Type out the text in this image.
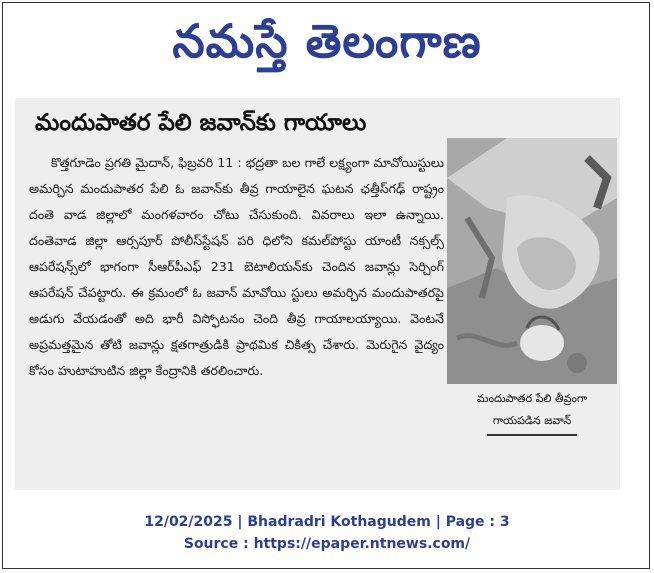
నమస్తే తెలంగాణ
మందుపాతర పేలి జవాన్‌కు గాయాలు

కొత్తగూడెం ప్రగతి మైదాన్, ఫిబ్రవరి 11 : భద్రతా బల గాలే లక్ష్యంగా మావోయిస్టులు అమర్చిన మందుపాతర పేలి ఓ జవాన్‌కు తీవ్ర గాయాలైన ఘటన ఛత్తీస్‌గఢ్ రాష్ట్రం దంతె వాడ జిల్లాలో మంగళవారం చోటు చేసుకుంది. వివరాలు ఇలా ఉన్నాయి. దంతెవాడ జిల్లా ఆర్సపూర్ పోలీస్‌స్టేషన్ పరి ధిలోని కమల్‌పోస్టు యాంటీ నక్సల్స్ ఆపరేషన్స్‌లో భాగంగా సీఆర్‌పీఎఫ్ 231 బెటాలియన్‌కు చెందిన జవాన్లు సెర్చింగ్ ఆపరేషన్ చేపట్టారు. ఈ క్రమంలో ఓ జవాన్ మావోయి స్టులు అమర్చిన మందుపాతరపై అడుగు వేయడంతో అది భారీ విస్ఫోటనం చెంది తీవ్ర గాయాలయ్యాయి. వెంటనే అప్రమత్తమైన తోటి జవాన్లు క్షతగాత్రుడికి ప్రాథమిక చికిత్స చేశారు. మెరుగైన వైద్యం కోసం హుటాహుటిన జిల్లా కేంద్రానికి తరలించారు.

మందుపాతర పేలి తీవ్రంగా
గాయపడిన జవాన్

12/02/2025 | Bhadradri Kothagudem | Page : 3
Source : https://epaper.ntnews.com/
